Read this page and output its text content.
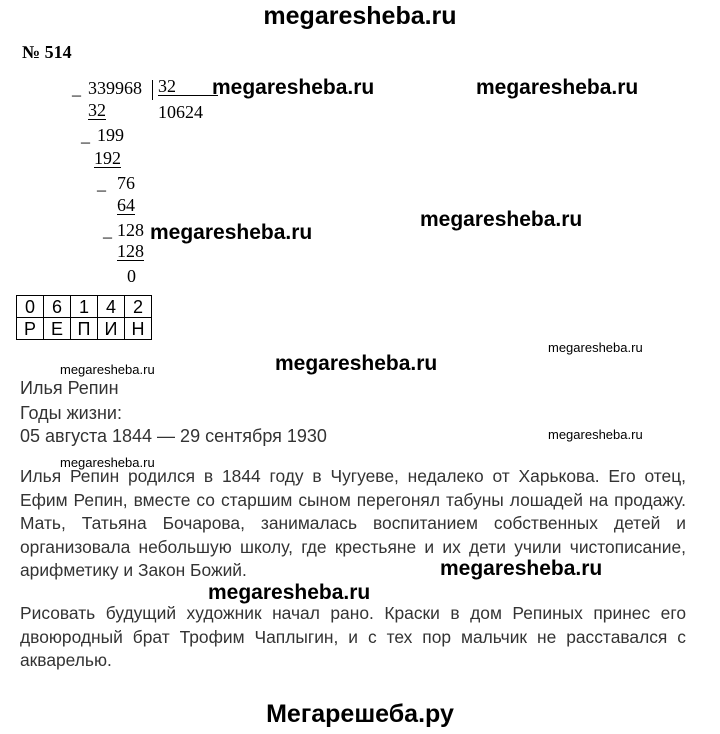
megaresheba.ru
№ 514
_ 339968 32
10624
32
_ 199
192
_ 76
64
_ 128
128
0
0	6	1	4	2
Р	Е	П	И	Н
Илья Репин
Годы жизни:
05 августа 1844 — 29 сентября 1930
Илья Репин родился в 1844 году в Чугуеве, недалеко от Харькова. Его отец, Ефим Репин, вместе со старшим сыном перегонял табуны лошадей на продажу. Мать, Татьяна Бочарова, занималась воспитанием собственных детей и организовала небольшую школу, где крестьяне и их дети учили чистописание, арифметику и Закон Божий.
Рисовать будущий художник начал рано. Краски в дом Репиных принес его двоюродный брат Трофим Чаплыгин, и с тех пор мальчик не расставался с акварелью.
megaresheba.ru	megaresheba.ru
megaresheba.ru
megaresheba.ru
megaresheba.ru
megaresheba.ru
megaresheba.ru
megaresheba.ru
megaresheba.ru
megaresheba.ru
megaresheba.ru
Мегарешеба.ру
